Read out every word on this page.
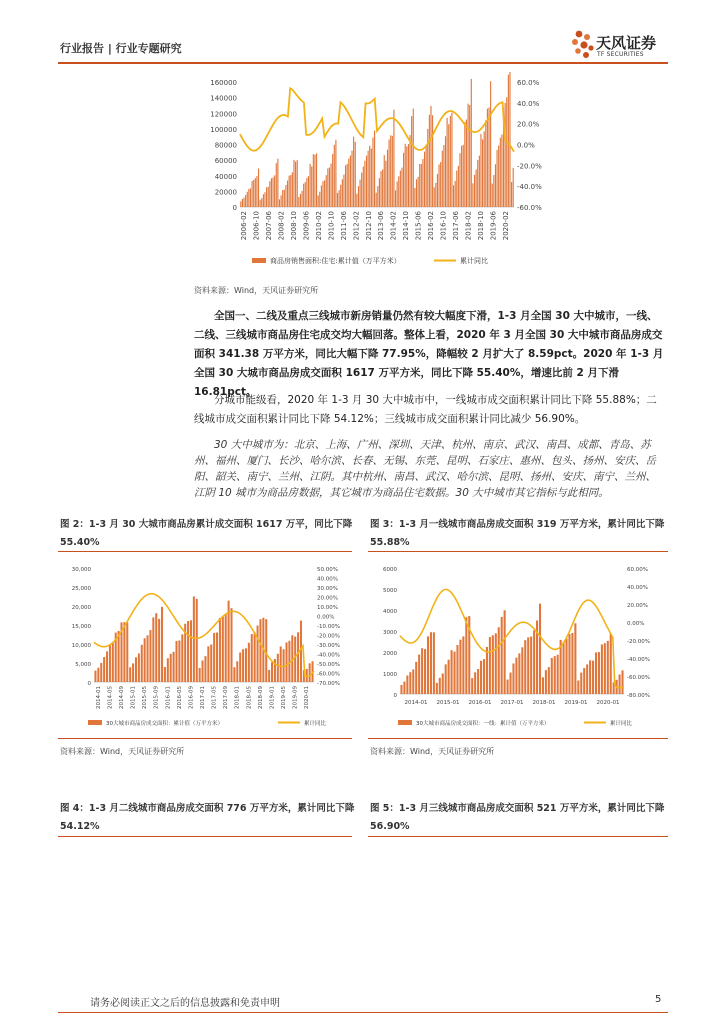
行业报告 | 行业专题研究	天风证券
TF SECURITIES
160000
140000
120000
100000
80000
60000
40000
20000
0
60.0%
40.0%
20.0%
0.0%
-20.0%
-40.0%
-60.0%
2006-02 2006-10 2007-06 2008-02 2008-10 2009-06 2010-02 2010-10 2011-06 2012-02 2012-10 2013-06 2014-02 2014-10 2015-06 2016-02 2016-10 2017-06 2018-02 2018-10 2019-06 2020-02
商品房销售面积:住宅:累计值（万平方米）	累计同比
资料来源：Wind，天风证券研究所
全国一、二线及重点三线城市新房销量仍然有较大幅度下滑，1-3 月全国 30 大中城市，一线、二线、三线城市商品房住宅成交均大幅回落。整体上看，2020 年 3 月全国 30 大中城市商品房成交面积 341.38 万平方米，同比大幅下降 77.95%，降幅较 2 月扩大了 8.59pct。2020 年 1-3 月全国 30 大城市商品房成交面积 1617 万平方米，同比下降 55.40%，增速比前 2 月下滑 16.81pct。
分城市能级看，2020 年 1-3 月 30 大中城市中，一线城市成交面积累计同比下降 55.88%；二线城市成交面积累计同比下降 54.12%；三线城市成交面积累计同比减少 56.90%。
30 大中城市为：北京、上海、广州、深圳、天津、杭州、南京、武汉、南昌、成都、青岛、苏州、福州、厦门、长沙、哈尔滨、长春、无锡、东莞、昆明、石家庄、惠州、包头、扬州、安庆、岳阳、韶关、南宁、兰州、江阴。其中杭州、南昌、武汉、哈尔滨、昆明、扬州、安庆、南宁、兰州、江阴 10 城市为商品房数据，其它城市为商品住宅数据。30 大中城市其它指标与此相同。
图 2：1-3 月 30 大城市商品房累计成交面积 1617 万平，同比下降 55.40%
30,000
25,000
20,000
15,000
10,000
5,000
0
50.00%
40.00%
30.00%
20.00%
10.00%
0.00%
-10.00%
-20.00%
-30.00%
-40.00%
-50.00%
-60.00%
-70.00%
2014-01 2014-05 2014-09 2015-01 2015-05 2015-09 2016-01 2016-05 2016-09 2017-01 2017-05 2017-09 2018-01 2018-05 2018-09 2019-01 2019-05 2019-09 2020-01
30大城市商品房成交面积：累计值（万平方米）	累计同比
资料来源：Wind，天风证券研究所
图 3：1-3 月一线城市商品房成交面积 319 万平方米，累计同比下降 55.88%
6000
5000
4000
3000
2000
1000
0
60.00%
40.00%
20.00%
0.00%
-20.00%
-40.00%
-60.00%
-80.00%
2014-01 2015-01 2016-01 2017-01 2018-01 2019-01 2020-01
30大城市商品房成交面积：一线：累计值（万平方米）	累计同比
资料来源：Wind，天风证券研究所
图 4：1-3 月二线城市商品房成交面积 776 万平方米，累计同比下降 54.12%
图 5：1-3 月三线城市商品房成交面积 521 万平方米，累计同比下降 56.90%
请务必阅读正文之后的信息披露和免责申明	5
